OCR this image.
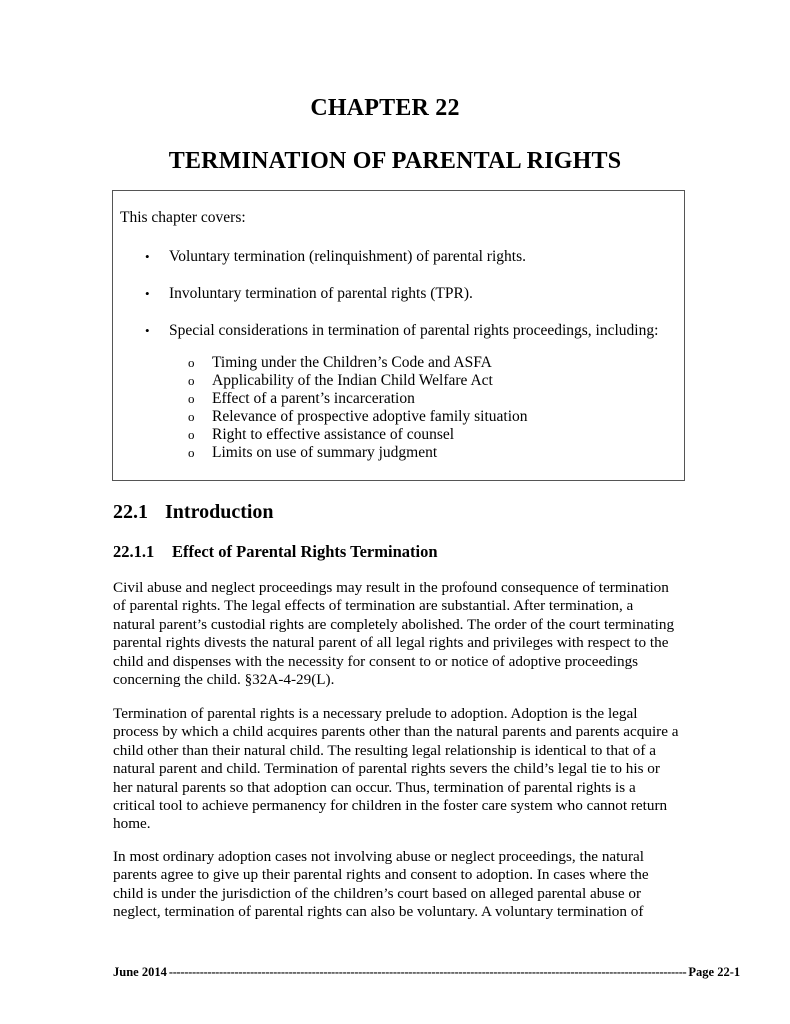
CHAPTER 22
TERMINATION OF PARENTAL RIGHTS
This chapter covers:
• Voluntary termination (relinquishment) of parental rights.
• Involuntary termination of parental rights (TPR).
• Special considerations in termination of parental rights proceedings, including:
o Timing under the Children’s Code and ASFA
o Applicability of the Indian Child Welfare Act
o Effect of a parent’s incarceration
o Relevance of prospective adoptive family situation
o Right to effective assistance of counsel
o Limits on use of summary judgment
22.1 Introduction
22.1.1 Effect of Parental Rights Termination
Civil abuse and neglect proceedings may result in the profound consequence of termination
of parental rights. The legal effects of termination are substantial. After termination, a
natural parent’s custodial rights are completely abolished. The order of the court terminating
parental rights divests the natural parent of all legal rights and privileges with respect to the
child and dispenses with the necessity for consent to or notice of adoptive proceedings
concerning the child. §32A-4-29(L).
Termination of parental rights is a necessary prelude to adoption. Adoption is the legal
process by which a child acquires parents other than the natural parents and parents acquire a
child other than their natural child. The resulting legal relationship is identical to that of a
natural parent and child. Termination of parental rights severs the child’s legal tie to his or
her natural parents so that adoption can occur. Thus, termination of parental rights is a
critical tool to achieve permanency for children in the foster care system who cannot return
home.
In most ordinary adoption cases not involving abuse or neglect proceedings, the natural
parents agree to give up their parental rights and consent to adoption. In cases where the
child is under the jurisdiction of the children’s court based on alleged parental abuse or
neglect, termination of parental rights can also be voluntary. A voluntary termination of
June 2014 -------------------------------------------------------------------------------------------------------------------------------------- Page 22-1
